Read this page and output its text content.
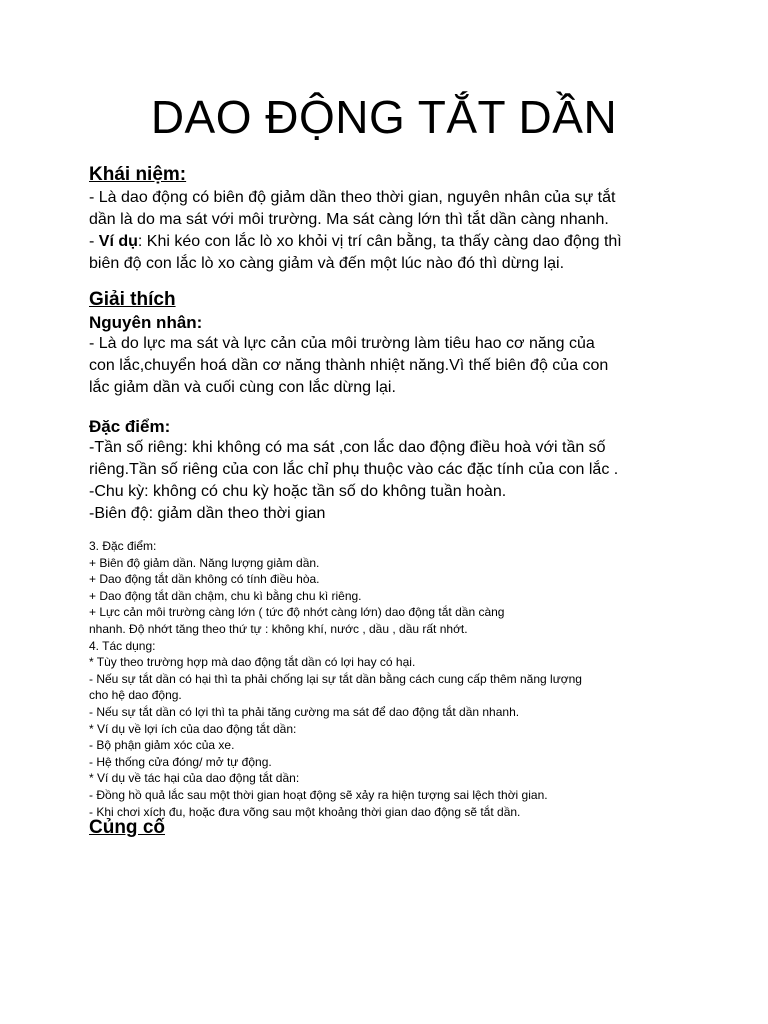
DAO ĐỘNG TẮT DẦN
Khái niệm:
- Là dao động có biên độ giảm dần theo thời gian, nguyên nhân của sự tắt
dần là do ma sát với môi trường. Ma sát càng lớn thì tắt dần càng nhanh.
- Ví dụ: Khi kéo con lắc lò xo khỏi vị trí cân bằng, ta thấy càng dao động thì
biên độ con lắc lò xo càng giảm và đến một lúc nào đó thì dừng lại.
Giải thích
Nguyên nhân:
- Là do lực ma sát và lực cản của môi trường làm tiêu hao cơ năng của
con lắc,chuyển hoá dần cơ năng thành nhiệt năng.Vì thế biên độ của con
lắc giảm dần và cuối cùng con lắc dừng lại.
Đặc điểm:
-Tần số riêng: khi không có ma sát ,con lắc dao động điều hoà với tần số
riêng.Tần số riêng của con lắc chỉ phụ thuộc vào các đặc tính của con lắc .
-Chu kỳ: không có chu kỳ hoặc tần số do không tuần hoàn.
-Biên độ: giảm dần theo thời gian
3. Đặc điểm:
+ Biên độ giảm dần. Năng lượng giảm dần.
+ Dao động tắt dần không có tính điều hòa.
+ Dao động tắt dần chậm, chu kì bằng chu kì riêng.
+ Lực cản môi trường càng lớn ( tức độ nhớt càng lớn) dao động tắt dần càng
nhanh. Độ nhớt tăng theo thứ tự : không khí, nước , dầu , dầu rất nhớt.
4. Tác dụng:
* Tùy theo trường hợp mà dao động tắt dần có lợi hay có hại.
- Nếu sự tắt dần có hại thì ta phải chống lại sự tắt dần bằng cách cung cấp thêm năng lượng
cho hệ dao động.
- Nếu sự tắt dần có lợi thì ta phải tăng cường ma sát để dao động tắt dần nhanh.
* Ví dụ về lợi ích của dao động tắt dần:
- Bộ phận giảm xóc của xe.
- Hệ thống cửa đóng/ mở tự động.
* Ví dụ về tác hại của dao động tắt dần:
- Đồng hồ quả lắc sau một thời gian hoạt động sẽ xảy ra hiện tượng sai lệch thời gian.
- Khi chơi xích đu, hoặc đưa võng sau một khoảng thời gian dao động sẽ tắt dần.
Củng cố
